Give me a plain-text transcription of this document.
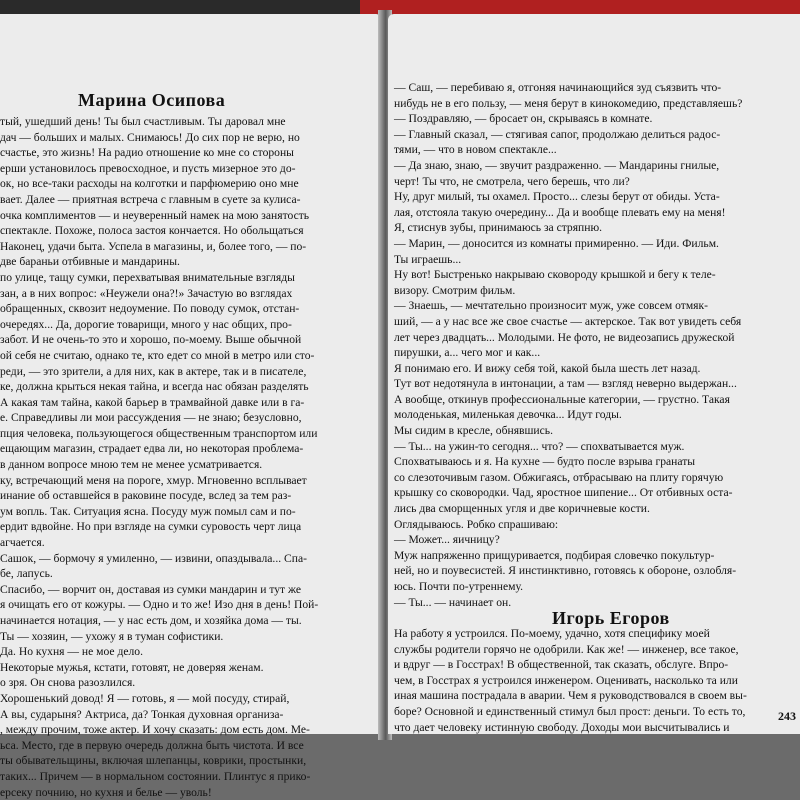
Марина Осипова
тый, ушедший день! Ты был счастливым. Ты даровал мне
дач — больших и малых. Снимаюсь! До сих пор не верю, но
счастье, это жизнь! На радио отношение ко мне со стороны
ерши установилось превосходное, и пусть мизерное это до-
ок, но все-таки расходы на колготки и парфюмерию оно мне
вает. Далее — приятная встреча с главным в суете за кулиса-
очка комплиментов — и неуверенный намек на мою занятость
спектакле. Похоже, полоса застоя кончается. Но обольщаться
Наконец, удачи быта. Успела в магазины, и, более того, — по-
две бараньи отбивные и мандарины.
по улице, тащу сумки, перехватывая внимательные взгляды
зан, а в них вопрос: «Неужели она?!» Зачастую во взглядах
обращенных, сквозит недоумение. По поводу сумок, отстан-
очередях... Да, дорогие товарищи, много у нас общих, про-
забот. И не очень-то это и хорошо, по-моему. Выше обычной
ой себя не считаю, однако те, кто едет со мной в метро или сто-
реди, — это зрители, а для них, как в актере, так и в писателе,
ке, должна крыться некая тайна, и всегда нас обязан разделять
А какая там тайна, какой барьер в трамвайной давке или в га-
е. Справедливы ли мои рассуждения — не знаю; безусловно,
пция человека, пользующегося общественным транспортом или
ещающим магазин, страдает едва ли, но некоторая проблема-
в данном вопросе мною тем не менее усматривается.
ку, встречающий меня на пороге, хмур. Мгновенно всплывает
инание об оставшейся в раковине посуде, вслед за тем раз-
ум вопль. Так. Ситуация ясна. Посуду муж помыл сам и по-
ердит вдвойне. Но при взгляде на сумки суровость черт лица
агчается.
Сашок, — бормочу я умиленно, — извини, опаздывала... Спа-
бе, лапусь.
Спасибо, — ворчит он, доставая из сумки мандарин и тут же
я очищать его от кожуры. — Одно и то же! Изо дня в день! Пой-
начинается нотация, — у нас есть дом, и хозяйка дома — ты.
Ты — хозяин, — ухожу я в туман софистики.
Да. Но кухня — не мое дело.
Некоторые мужья, кстати, готовят, не доверяя женам.
о зря. Он снова разозлился.
Хорошенький довод! Я — готовь, я — мой посуду, стирай,
А вы, сударыня? Актриса, да? Тонкая духовная организа-
, между прочим, тоже актер. И хочу сказать: дом есть дом. Ме-
ьса. Место, где в первую очередь должна быть чистота. И все
ты обывательщины, включая шлепанцы, коврики, простынки,
таких... Причем — в нормальном состоянии. Плинтус я прико-
ерсеку почнию, но кухня и белье — уволь!
— Саш, — перебиваю я, отгоняя начинающийся зуд съязвить что-
нибудь не в его пользу, — меня берут в кинокомедию, представляешь?
— Поздравляю, — бросает он, скрываясь в комнате.
— Главный сказал, — стягивая сапог, продолжаю делиться радос-
тями, — что в новом спектакле...
— Да знаю, знаю, — звучит раздраженно. — Мандарины гнилые,
черт! Ты что, не смотрела, чего берешь, что ли?
Ну, друг милый, ты охамел. Просто... слезы берут от обиды. Уста-
лая, отстояла такую очередину... Да и вообще плевать ему на меня!
Я, стиснув зубы, принимаюсь за стряпню.
— Марин, — доносится из комнаты примиренно. — Иди. Фильм.
Ты играешь...
Ну вот! Быстренько накрываю сковороду крышкой и бегу к теле-
визору. Смотрим фильм.
— Знаешь, — мечтательно произносит муж, уже совсем отмяк-
ший, — а у нас все же свое счастье — актерское. Так вот увидеть себя
лет через двадцать... Молодыми. Не фото, не видеозапись дружеской
пирушки, а... чего мог и как...
Я понимаю его. И вижу себя той, какой была шесть лет назад.
Тут вот недотянула в интонации, а там — взгляд неверно выдержан...
А вообще, откинув профессиональные категории, — грустно. Такая
молоденькая, миленькая девочка... Идут годы.
Мы сидим в кресле, обнявшись.
— Ты... на ужин-то сегодня... что? — спохватывается муж.
Спохватываюсь и я. На кухне — будто после взрыва гранаты
со слезоточивым газом. Обжигаясь, отбрасываю на плиту горячую
крышку со сковородки. Чад, яростное шипение... От отбивных оста-
лись два сморщенных угля и две коричневые кости.
Оглядываюсь. Робко спрашиваю:
— Может... яичницу?
Муж напряженно прищуривается, подбирая словечко покультур-
ней, но и поувесистей. Я инстинктивно, готовясь к обороне, озлобля-
юсь. Почти по-утреннему.
— Ты... — начинает он.
Игорь Егоров
На работу я устроился. По-моему, удачно, хотя специфику моей
службы родители горячо не одобрили. Как же! — инженер, все такое,
и вдруг — в Госстрах! В общественной, так сказать, обслуге. Впро-
чем, в Госстрах я устроился инженером. Оценивать, насколько та или
иная машина пострадала в аварии. Чем я руководствовался в своем вы-
боре? Основной и единственный стимул был прост: деньги. То есть то,
что дает человеку истинную свободу. Доходы мои высчитывались и
243
